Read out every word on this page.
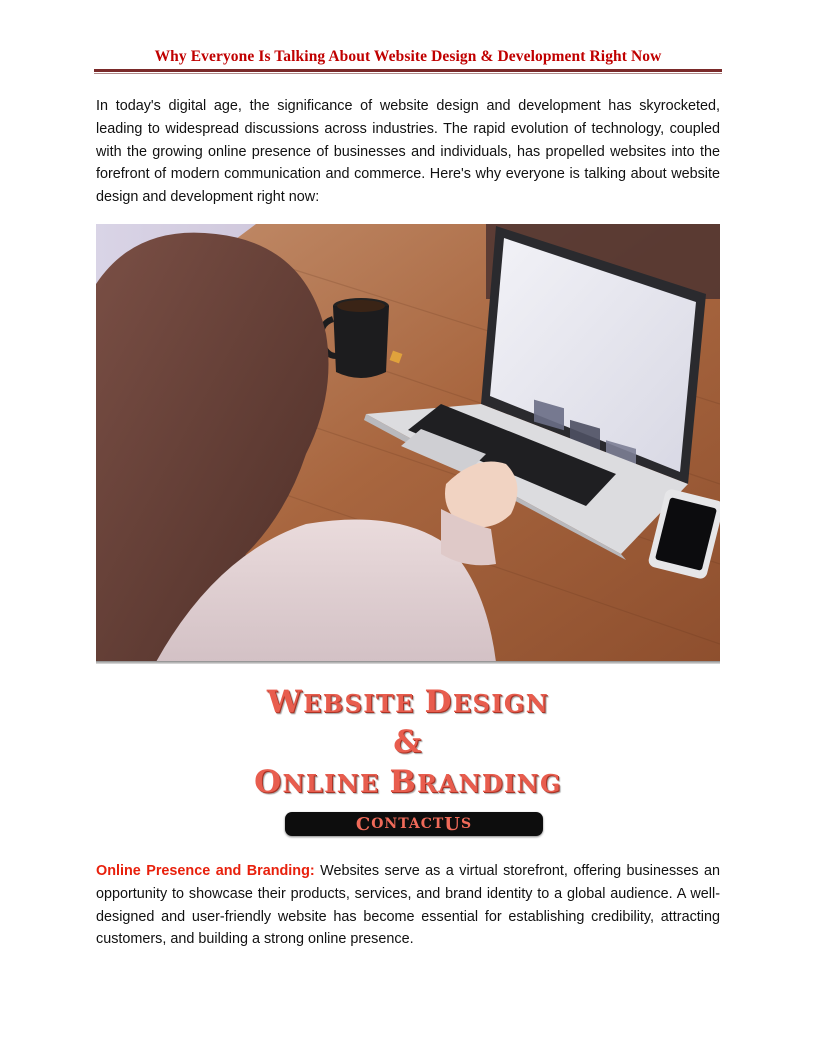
Why Everyone Is Talking About Website Design & Development Right Now

In today's digital age, the significance of website design and development has skyrocketed, leading to widespread discussions across industries. The rapid evolution of technology, coupled with the growing online presence of businesses and individuals, has propelled websites into the forefront of modern communication and commerce. Here's why everyone is talking about website design and development right now:

WEBSITE DESIGN
&
ONLINE BRANDING
C ONTACT U S

Online Presence and Branding: Websites serve as a virtual storefront, offering businesses an opportunity to showcase their products, services, and brand identity to a global audience. A well-designed and user-friendly website has become essential for establishing credibility, attracting customers, and building a strong online presence.
